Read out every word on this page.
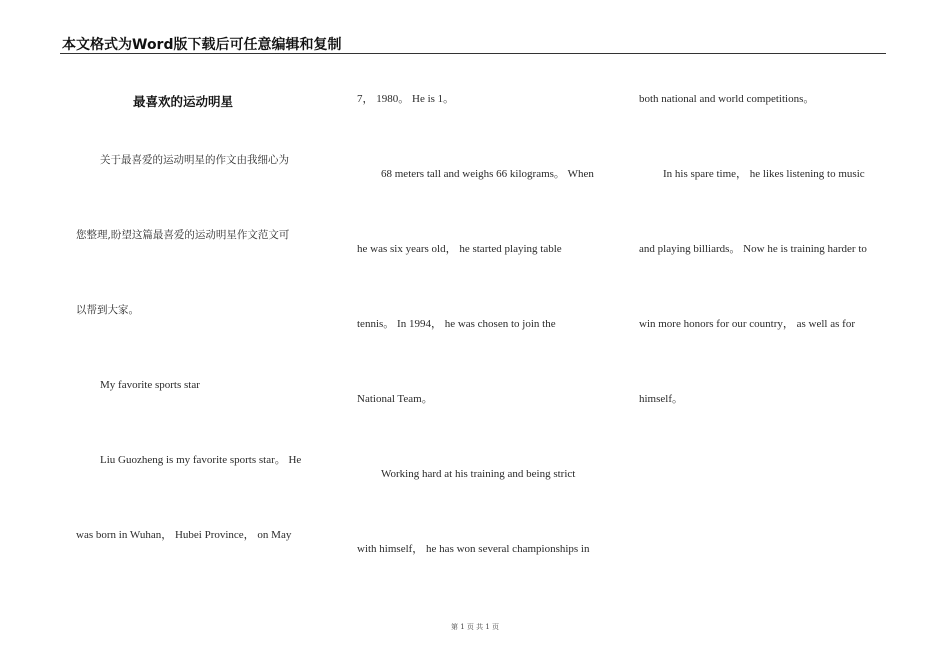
本文格式为Word版下载后可任意编辑和复制
最喜欢的运动明星
关于最喜爱的运动明星的作文由我细心为
您整理,盼望这篇最喜爱的运动明星作文范文可
以帮到大家。
My favorite sports star
Liu Guozheng is my favorite sports star。 He
was born in Wuhan， Hubei Province， on May
7， 1980。 He is 1。
68 meters tall and weighs 66 kilograms。 When
he was six years old， he started playing table
tennis。 In 1994， he was chosen to join the
National Team。
Working hard at his training and being strict
with himself， he has won several championships in
both national and world competitions。
In his spare time， he likes listening to music
and playing billiards。 Now he is training harder to
win more honors for our country， as well as for
himself。
第 1 页 共 1 页
